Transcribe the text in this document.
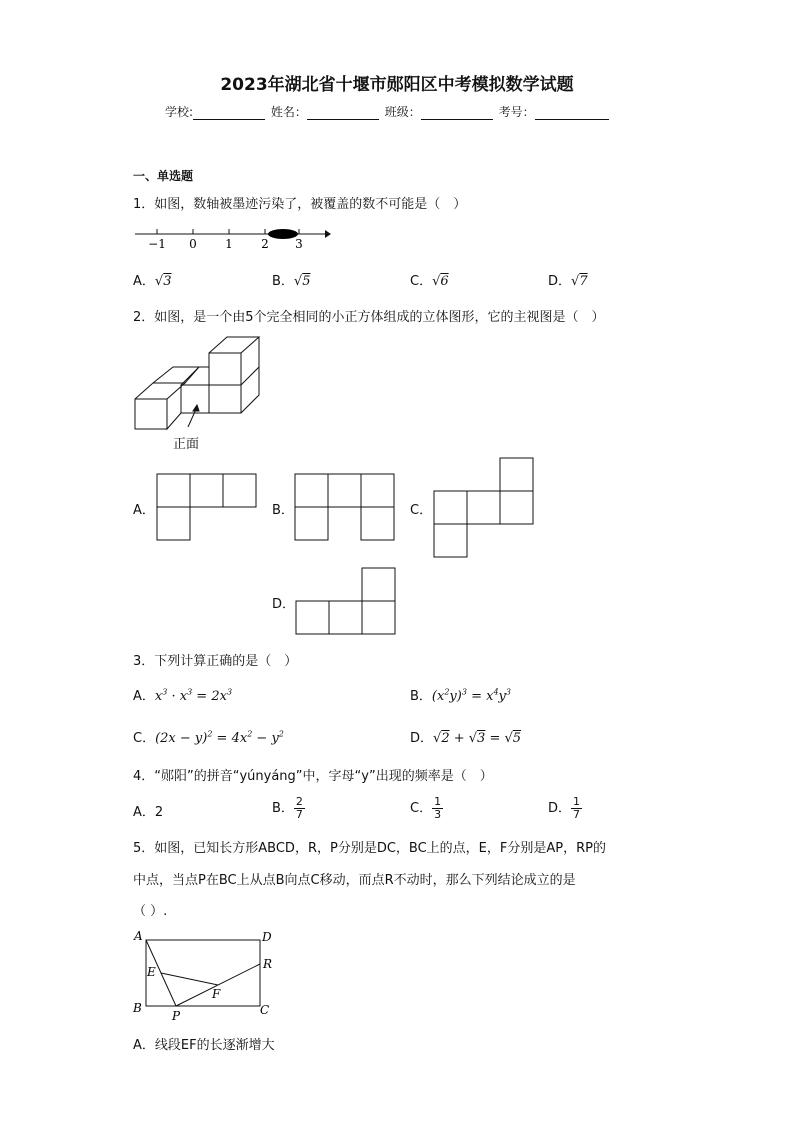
2023年湖北省十堰市郧阳区中考模拟数学试题
学校:	姓名：	班级：	考号：
一、单选题
1．如图，数轴被墨迹污染了，被覆盖的数不可能是（　）
−1 0 1 2 3
A．√3	B．√5	C．√6	D．√7
2．如图，是一个由5个完全相同的小正方体组成的立体图形，它的主视图是（　）
正面
A．	B．	C．
D．
3．下列计算正确的是（　）
A．$x^3 \cdot x^3 = 2x^3$	B．$(x^2y)^3 = x^4y^3$
C．$(2x - y)^2 = 4x^2 - y^2$	D．√2 + √3 = √5
4．“郧阳”的拼音“yúnyáng”中，字母“y”出现的频率是（　）
A．2	B． $\frac{2}{7}$	C． $\frac{1}{3}$	D． $\frac{1}{7}$
5．如图，已知长方形ABCD，R，P分别是DC，BC上的点，E，F分别是AP，RP的
中点，当点P在BC上从点B向点C移动，而点R不动时，那么下列结论成立的是
（ ）.
A	D
R
E
F
B
P	C
A．线段EF的长逐渐增大
